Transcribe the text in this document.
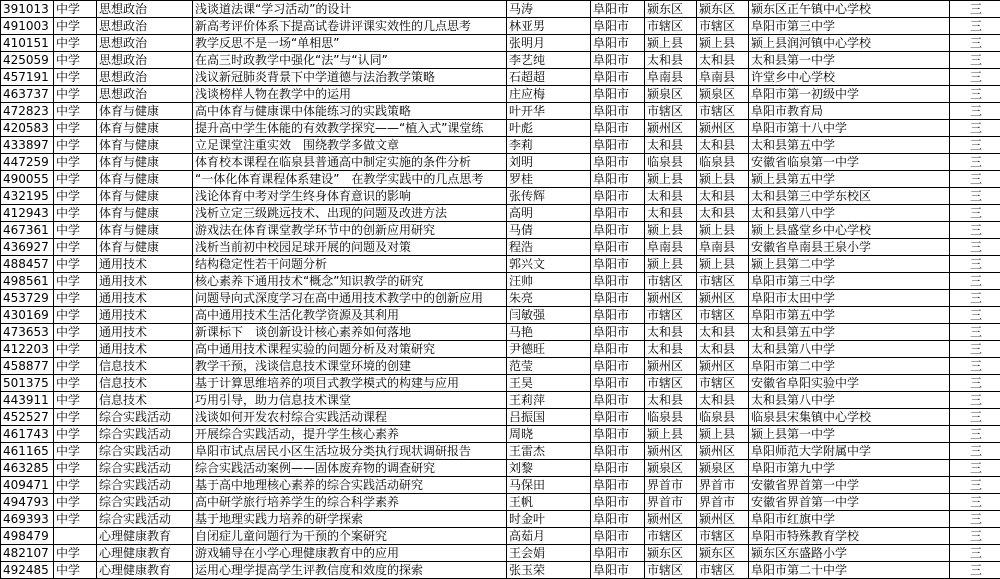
391013	中学	思想政治	浅谈道法课“学习活动”的设计	马涛	阜阳市	颍东区	颍东区	颍东区正午镇中心学校	三
491003	中学	思想政治	新高考评价体系下提高试卷讲评课实效性的几点思考	林亚男	阜阳市	市辖区	市辖区	阜阳市第三中学	三
410151	中学	思想政治	教学反思不是一场“单相思”	张明月	阜阳市	颍上县	颍上县	颍上县润河镇中心学校	三
425059	中学	思想政治	在高三时政教学中强化“法”与“认同”	李艺纯	阜阳市	太和县	太和县	太和县第一中学	三
457191	中学	思想政治	浅议新冠肺炎背景下中学道德与法治教学策略	石超超	阜阳市	阜南县	阜南县	许堂乡中心学校	三
463737	中学	思想政治	浅谈榜样人物在教学中的运用	庄应梅	阜阳市	颍泉区	颍泉区	阜阳市第一初级中学	三
472823	中学	体育与健康	高中体育与健康课中体能练习的实践策略	叶开华	阜阳市	市辖区	市辖区	阜阳市教育局	三
420583	中学	体育与健康	提升高中学生体能的有效教学探究——“植入式”课堂练	叶彪	阜阳市	颍州区	颍州区	阜阳市第十八中学	三
433897	中学	体育与健康	立足课堂注重实效　围绕教学多做文章	李莉	阜阳市	太和县	太和县	太和县第五中学	三
447259	中学	体育与健康	体育校本课程在临泉县普通高中制定实施的条件分析	刘明	阜阳市	临泉县	临泉县	安徽省临泉第一中学	三
490055	中学	体育与健康	“一体化体育课程体系建设”　在教学实践中的几点思考	罗桂	阜阳市	颍上县	颍上县	颍上县第五中学	三
432195	中学	体育与健康	浅论体育中考对学生终身体育意识的影响	张传辉	阜阳市	太和县	太和县	太和县第三中学东校区	三
412943	中学	体育与健康	浅析立定三级跳远技术、出现的问题及改进方法	高明	阜阳市	太和县	太和县	太和县第八中学	三
467361	中学	体育与健康	游戏法在体育课堂教学环节中的创新应用研究	马倩	阜阳市	颍上县	颍上县	颍上县盛堂乡中心学校	三
436927	中学	体育与健康	浅析当前初中校园足球开展的问题及对策	程浩	阜阳市	阜南县	阜南县	安徽省阜南县王泉小学	三
488457	中学	通用技术	结构稳定性若干问题分析	郭兴文	阜阳市	颍上县	颍上县	颍上县第二中学	三
498561	中学	通用技术	核心素养下通用技术“概念”知识教学的研究	汪帅	阜阳市	市辖区	市辖区	阜阳市第三中学	三
453729	中学	通用技术	问题导向式深度学习在高中通用技术教学中的创新应用	朱亮	阜阳市	颍州区	颍州区	阜阳市太田中学	三
430169	中学	通用技术	高中通用技术生活化教学资源及其利用	闫敏强	阜阳市	市辖区	市辖区	阜阳市第五中学	三
473653	中学	通用技术	新课标下　谈创新设计核心素养如何落地	马艳	阜阳市	太和县	太和县	太和县第五中学	三
412203	中学	通用技术	高中通用技术课程实验的问题分析及对策研究	尹德旺	阜阳市	太和县	太和县	太和县第八中学	三
458877	中学	信息技术	教学干预，浅谈信息技术课堂环境的创建	范莹	阜阳市	颍州区	颍州区	阜阳市第二中学	三
501375	中学	信息技术	基于计算思维培养的项目式教学模式的构建与应用	王昊	阜阳市	市辖区	市辖区	安徽省阜阳实验中学	三
443911	中学	信息技术	巧用引导，助力信息技术课堂	王莉萍	阜阳市	太和县	太和县	太和县第八中学	三
452527	中学	综合实践活动	浅谈如何开发农村综合实践活动课程	吕振国	阜阳市	临泉县	临泉县	临泉县宋集镇中心学校	三
461743	中学	综合实践活动	开展综合实践活动，提升学生核心素养	周晓	阜阳市	颍上县	颍上县	颍上县第一中学	三
461165	中学	综合实践活动	阜阳市试点居民小区生活垃圾分类执行现状调研报告	王雷杰	阜阳市	颍州区	颍州区	阜阳师范大学附属中学	三
463285	中学	综合实践活动	综合实践活动案例——固体废弃物的调查研究	刘黎	阜阳市	颍泉区	颍泉区	阜阳市第九中学	三
409471	中学	综合实践活动	基于高中地理核心素养的综合实践活动研究	马保田	阜阳市	界首市	界首市	安徽省界首第一中学	三
494793	中学	综合实践活动	高中研学旅行培养学生的综合科学素养	王帆	阜阳市	界首市	界首市	安徽省界首第一中学	三
469393	中学	综合实践活动	基于地理实践力培养的研学探索	时金叶	阜阳市	颍州区	颍州区	阜阳市红旗中学	三
498479		心理健康教育	自闭症儿童问题行为干预的个案研究	高茹月	阜阳市	市辖区	市辖区	阜阳市特殊教育学校	三
482107	中学	心理健康教育	游戏辅导在小学心理健康教育中的应用	王会娟	阜阳市	颍东区	颍东区	颍东区东盛路小学	三
492485	中学	心理健康教育	运用心理学提高学生评教信度和效度的探索	张玉荣	阜阳市	市辖区	市辖区	阜阳市第二十中学	三
